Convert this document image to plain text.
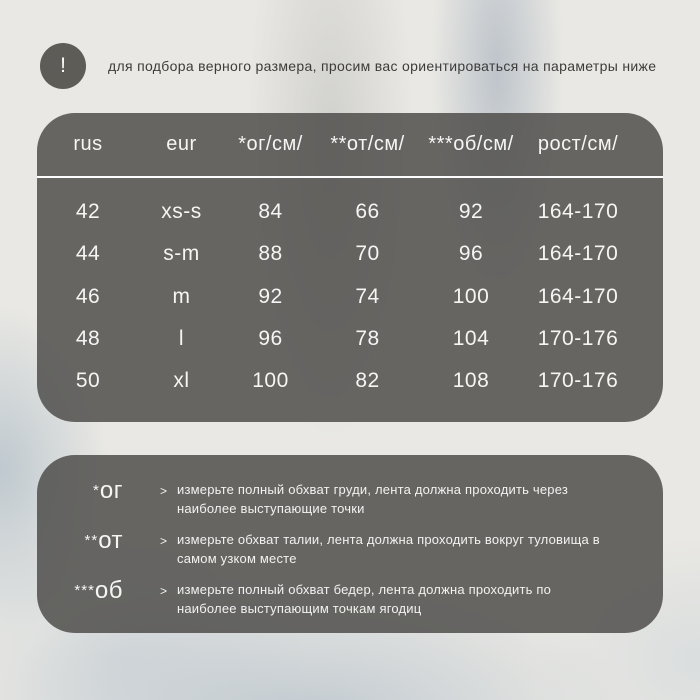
!	для подбора верного размера, просим вас ориентироваться на параметры ниже
rus	eur	*ог/см/	**от/см/	***об/см/	рост/см/
42	xs-s	84	66	92	164-170
44	s-m	88	70	96	164-170
46	m	92	74	100	164-170
48	l	96	78	104	170-176
50	xl	100	82	108	170-176
*ог	> измерьте полный обхват груди, лента должна проходить через наиболее выступающие точки
**от	> измерьте обхват талии, лента должна проходить вокруг туловища в самом узком месте
***об	> измерьте полный обхват бедер, лента должна проходить по наиболее выступающим точкам ягодиц
